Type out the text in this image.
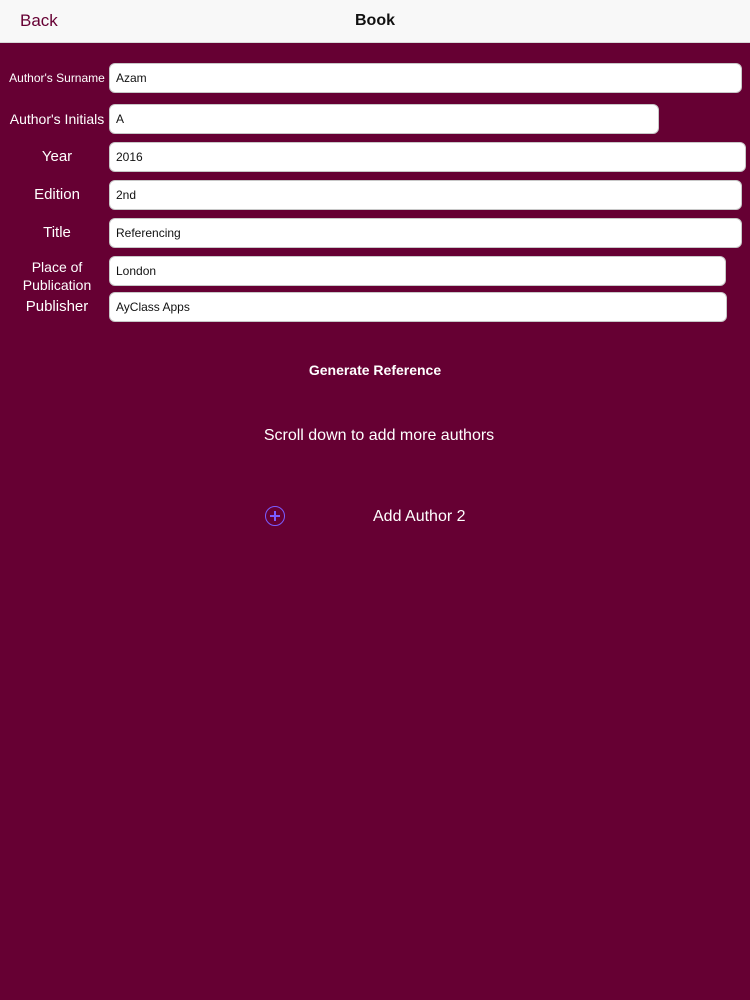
Back	Book
Author's Surname
Azam
Author's Initials
A
Year
2016
Edition
2nd
Title
Referencing
Place of
Publication
London
Publisher
AyClass Apps
Generate Reference
Scroll down to add more authors
Add Author 2
